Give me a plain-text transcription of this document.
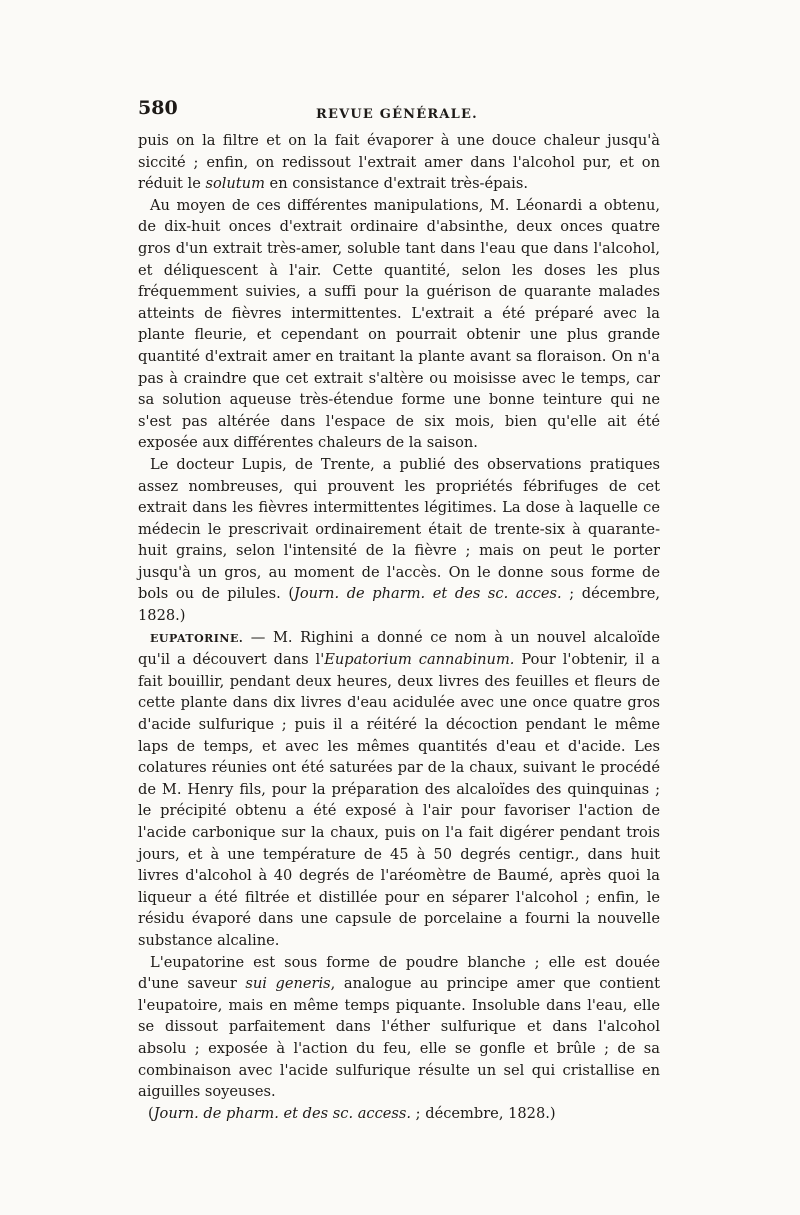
580	REVUE GÉNÉRALE.

puis on la filtre et on la fait évaporer à une douce chaleur jusqu'à siccité ; enfin, on redissout l'extrait amer dans l'alcohol pur, et on réduit le solutum en consistance d'extrait très-épais.

Au moyen de ces différentes manipulations, M. Léonardi a obtenu, de dix-huit onces d'extrait ordinaire d'absinthe, deux onces quatre gros d'un extrait très-amer, soluble tant dans l'eau que dans l'alcohol, et déliquescent à l'air. Cette quantité, selon les doses les plus fréquemment suivies, a suffi pour la guérison de quarante malades atteints de fièvres intermittentes. L'extrait a été préparé avec la plante fleurie, et cependant on pourrait obtenir une plus grande quantité d'extrait amer en traitant la plante avant sa floraison. On n'a pas à craindre que cet extrait s'altère ou moisisse avec le temps, car sa solution aqueuse très-étendue forme une bonne teinture qui ne s'est pas altérée dans l'espace de six mois, bien qu'elle ait été exposée aux différentes chaleurs de la saison.

Le docteur Lupis, de Trente, a publié des observations pratiques assez nombreuses, qui prouvent les propriétés fébrifuges de cet extrait dans les fièvres intermittentes légitimes. La dose à laquelle ce médecin le prescrivait ordinairement était de trente-six à quarante-huit grains, selon l'intensité de la fièvre ; mais on peut le porter jusqu'à un gros, au moment de l'accès. On le donne sous forme de bols ou de pilules. (Journ. de pharm. et des sc. acces. ; décembre, 1828.)

EUPATORINE. — M. Righini a donné ce nom à un nouvel alcaloïde qu'il a découvert dans l'Eupatorium cannabinum. Pour l'obtenir, il a fait bouillir, pendant deux heures, deux livres des feuilles et fleurs de cette plante dans dix livres d'eau acidulée avec une once quatre gros d'acide sulfurique ; puis il a réitéré la décoction pendant le même laps de temps, et avec les mêmes quantités d'eau et d'acide. Les colatures réunies ont été saturées par de la chaux, suivant le procédé de M. Henry fils, pour la préparation des alcaloïdes des quinquinas ; le précipité obtenu a été exposé à l'air pour favoriser l'action de l'acide carbonique sur la chaux, puis on l'a fait digérer pendant trois jours, et à une température de 45 à 50 degrés centigr., dans huit livres d'alcohol à 40 degrés de l'aréomètre de Baumé, après quoi la liqueur a été filtrée et distillée pour en séparer l'alcohol ; enfin, le résidu évaporé dans une capsule de porcelaine a fourni la nouvelle substance alcaline.

L'eupatorine est sous forme de poudre blanche ; elle est douée d'une saveur sui generis, analogue au principe amer que contient l'eupatoire, mais en même temps piquante. Insoluble dans l'eau, elle se dissout parfaitement dans l'éther sulfurique et dans l'alcohol absolu ; exposée à l'action du feu, elle se gonfle et brûle ; de sa combinaison avec l'acide sulfurique résulte un sel qui cristallise en aiguilles soyeuses.

(Journ. de pharm. et des sc. access. ; décembre, 1828.)
